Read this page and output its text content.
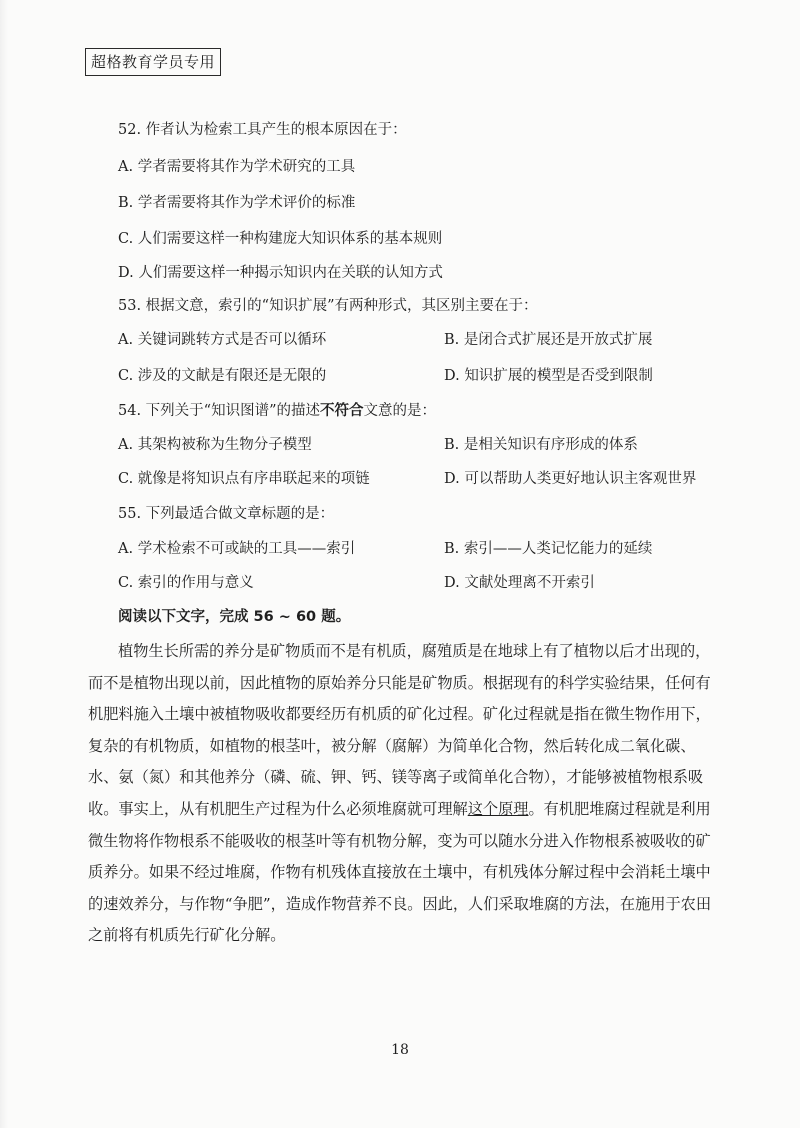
超格教育学员专用
52. 作者认为检索工具产生的根本原因在于：
A. 学者需要将其作为学术研究的工具
B. 学者需要将其作为学术评价的标准
C. 人们需要这样一种构建庞大知识体系的基本规则
D. 人们需要这样一种揭示知识内在关联的认知方式
53. 根据文意，索引的“知识扩展”有两种形式，其区别主要在于：
A. 关键词跳转方式是否可以循环	B. 是闭合式扩展还是开放式扩展
C. 涉及的文献是有限还是无限的	D. 知识扩展的模型是否受到限制
54. 下列关于“知识图谱”的描述不符合文意的是：
A. 其架构被称为生物分子模型	B. 是相关知识有序形成的体系
C. 就像是将知识点有序串联起来的项链	D. 可以帮助人类更好地认识主客观世界
55. 下列最适合做文章标题的是：
A. 学术检索不可或缺的工具——索引	B. 索引——人类记忆能力的延续
C. 索引的作用与意义	D. 文献处理离不开索引
阅读以下文字，完成 56 ~ 60 题。
植物生长所需的养分是矿物质而不是有机质，腐殖质是在地球上有了植物以后才出现的，而不是植物出现以前，因此植物的原始养分只能是矿物质。根据现有的科学实验结果，任何有机肥料施入土壤中被植物吸收都要经历有机质的矿化过程。矿化过程就是指在微生物作用下，复杂的有机物质，如植物的根茎叶，被分解（腐解）为简单化合物，然后转化成二氧化碳、水、氨（氮）和其他养分（磷、硫、钾、钙、镁等离子或简单化合物），才能够被植物根系吸收。事实上，从有机肥生产过程为什么必须堆腐就可理解这个原理。有机肥堆腐过程就是利用微生物将作物根系不能吸收的根茎叶等有机物分解，变为可以随水分进入作物根系被吸收的矿质养分。如果不经过堆腐，作物有机残体直接放在土壤中，有机残体分解过程中会消耗土壤中的速效养分，与作物“争肥”，造成作物营养不良。因此，人们采取堆腐的方法，在施用于农田之前将有机质先行矿化分解。
18
